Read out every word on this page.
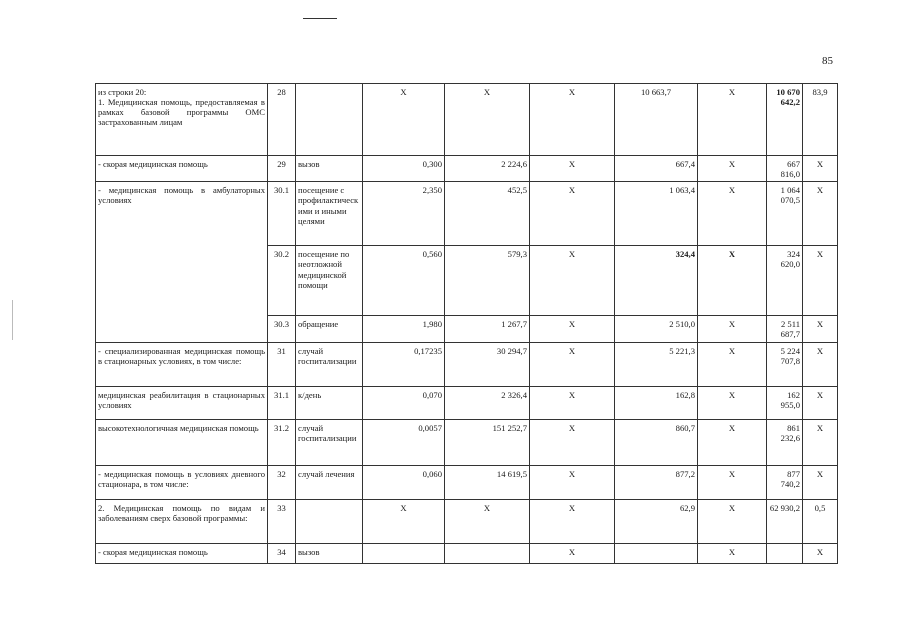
85
из строки 20:
1. Медицинская помощь, предоставляемая в рамках базовой программы ОМС застрахованным лицам	28		X	X	X	10 663,7	X	10 670 642,2	83,9
- скорая медицинская помощь	29	вызов	0,300	2 224,6	X	667,4	X	667 816,0	X
- медицинская помощь в амбулаторных условиях	30.1	посещение с профилактическими и иными целями	2,350	452,5	X	1 063,4	X	1 064 070,5	X
	30.2	посещение по неотложной медицинской помощи	0,560	579,3	X	324,4	X	324 620,0	X
	30.3	обращение	1,980	1 267,7	X	2 510,0	X	2 511 687,7	X
- специализированная медицинская помощь в стационарных условиях, в том числе:	31	случай госпитализации	0,17235	30 294,7	X	5 221,3	X	5 224 707,8	X
медицинская реабилитация в стационарных условиях	31.1	к/день	0,070	2 326,4	X	162,8	X	162 955,0	X
высокотехнологичная медицинская помощь	31.2	случай госпитализации	0,0057	151 252,7	X	860,7	X	861 232,6	X
- медицинская помощь в условиях дневного стационара, в том числе:	32	случай лечения	0,060	14 619,5	X	877,2	X	877 740,2	X
2. Медицинская помощь по видам и заболеваниям сверх базовой программы:	33		X	X	X	62,9	X	62 930,2	0,5
- скорая медицинская помощь	34	вызов			X		X		X
